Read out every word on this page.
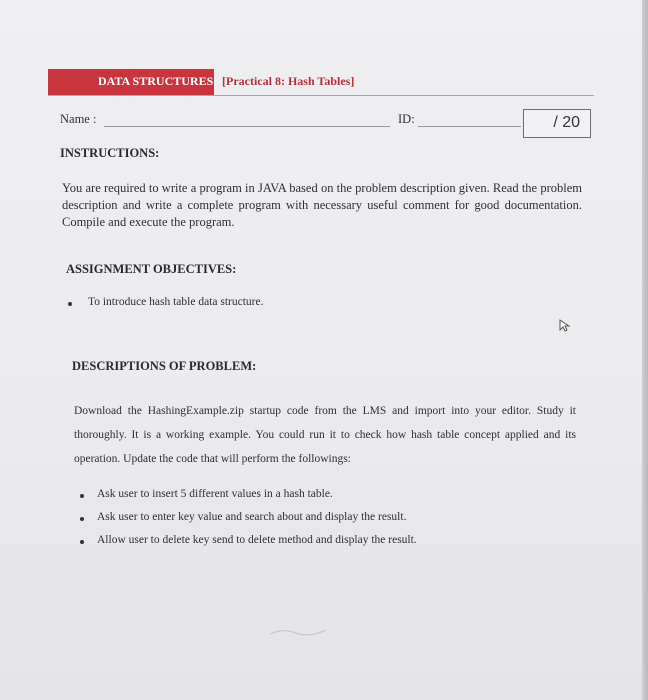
DATA STRUCTURES [Practical 8: Hash Tables]
Name :	ID:	/ 20
INSTRUCTIONS:

You are required to write a program in JAVA based on the problem description given. Read the problem description and write a complete program with necessary useful comment for good documentation. Compile and execute the program.

ASSIGNMENT OBJECTIVES:
To introduce hash table data structure.
DESCRIPTIONS OF PROBLEM:

Download the HashingExample.zip startup code from the LMS and import into your editor. Study it thoroughly. It is a working example. You could run it to check how hash table concept applied and its operation. Update the code that will perform the followings:

Ask user to insert 5 different values in a hash table.
Ask user to enter key value and search about and display the result.
Allow user to delete key send to delete method and display the result.
